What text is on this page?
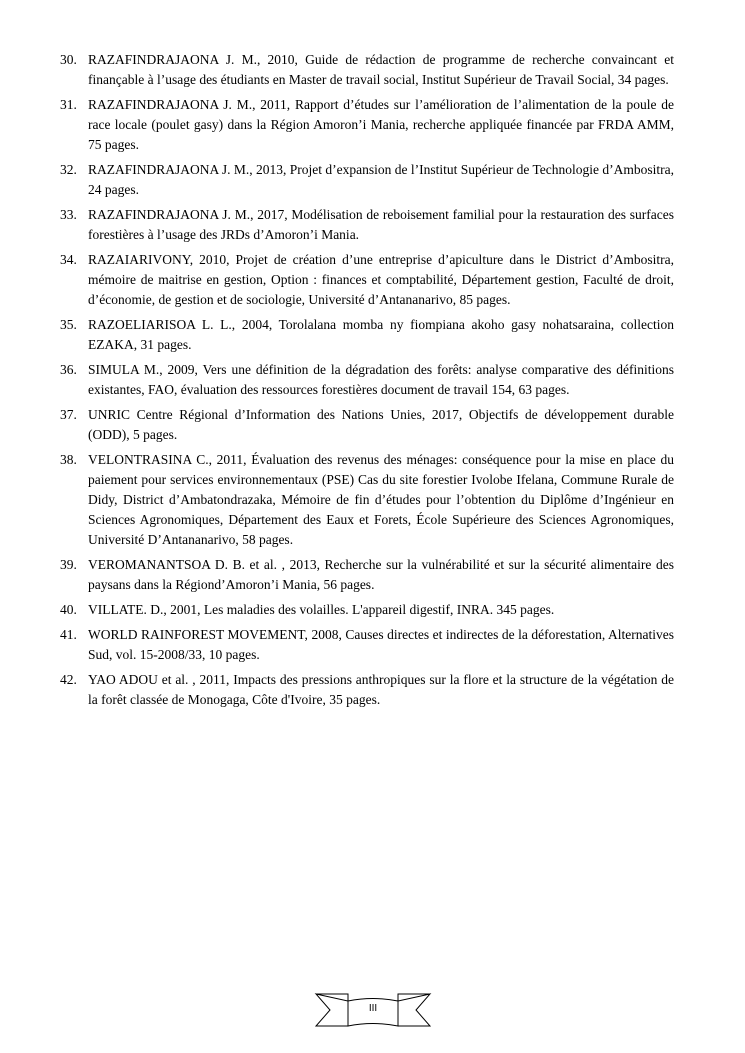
30. RAZAFINDRAJAONA J. M., 2010, Guide de rédaction de programme de recherche convaincant et finançable à l’usage des étudiants en Master de travail social, Institut Supérieur de Travail Social, 34 pages.
31. RAZAFINDRAJAONA J. M., 2011, Rapport d’études sur l’amélioration de l’alimentation de la poule de race locale (poulet gasy) dans la Région Amoron’i Mania, recherche appliquée financée par FRDA AMM, 75 pages.
32. RAZAFINDRAJAONA J. M., 2013, Projet d’expansion de l’Institut Supérieur de Technologie d’Ambositra, 24 pages.
33. RAZAFINDRAJAONA J. M., 2017, Modélisation de reboisement familial pour la restauration des surfaces forestières à l’usage des JRDs d’Amoron’i Mania.
34. RAZAIARIVONY, 2010, Projet de création d’une entreprise d’apiculture dans le District d’Ambositra, mémoire de maitrise en gestion, Option : finances et comptabilité, Département gestion, Faculté de droit, d’économie, de gestion et de sociologie, Université d’Antananarivo, 85 pages.
35. RAZOELIARISOA L. L., 2004, Torolalana momba ny fiompiana akoho gasy nohatsaraina, collection EZAKA, 31 pages.
36. SIMULA M., 2009, Vers une définition de la dégradation des forêts: analyse comparative des définitions existantes, FAO, évaluation des ressources forestières document de travail 154, 63 pages.
37. UNRIC Centre Régional d’Information des Nations Unies, 2017, Objectifs de développement durable (ODD), 5 pages.
38. VELONTRASINA C., 2011, Évaluation des revenus des ménages: conséquence pour la mise en place du paiement pour services environnementaux (PSE) Cas du site forestier Ivolobe Ifelana, Commune Rurale de Didy, District d’Ambatondrazaka, Mémoire de fin d’études pour l’obtention du Diplôme d’Ingénieur en Sciences Agronomiques, Département des Eaux et Forets, École Supérieure des Sciences Agronomiques, Université D’Antananarivo, 58 pages.
39. VEROMANANTSOA D. B. et al. , 2013, Recherche sur la vulnérabilité et sur la sécurité alimentaire des paysans dans la Régiond’Amoron’i Mania, 56 pages.
40. VILLATE. D., 2001, Les maladies des volailles. L'appareil digestif, INRA. 345 pages.
41. WORLD RAINFOREST MOVEMENT, 2008, Causes directes et indirectes de la déforestation, Alternatives Sud, vol. 15-2008/33, 10 pages.
42. YAO ADOU et al. , 2011, Impacts des pressions anthropiques sur la flore et la structure de la végétation de la forêt classée de Monogaga, Côte d'Ivoire, 35 pages.
III
